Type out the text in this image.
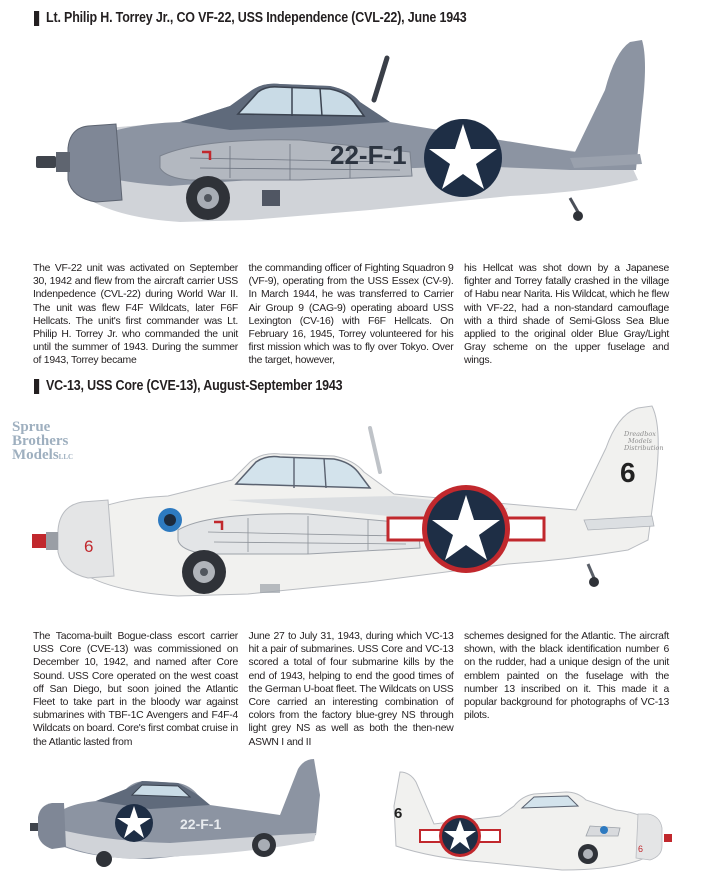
Lt. Philip H. Torrey Jr., CO VF-22, USS Independence (CVL-22), June 1943
22-F-1

The VF-22 unit was activated on September 30, 1942 and flew from the aircraft carrier USS Indenpedence (CVL-22) during World War II. The unit was flew F4F Wildcats, later F6F Hellcats. The unit's first commander was Lt. Philip H. Torrey Jr. who commanded the unit until the summer of 1943. During the summer of 1943, Torrey became

the commanding officer of Fighting Squadron 9 (VF-9), operating from the USS Essex (CV-9). In March 1944, he was transferred to Carrier Air Group 9 (CAG-9) operating aboard USS Lexington (CV-16) with F6F Hellcats. On February 16, 1945, Torrey volunteered for his first mission which was to fly over Tokyo. Over the target, however,

his Hellcat was shot down by a Japanese fighter and Torrey fatally crashed in the village of Habu near Narita. His Wildcat, which he flew with VF-22, had a non-standard camouflage with a third shade of Semi-Gloss Sea Blue applied to the original older Blue Gray/Light Gray scheme on the upper fuselage and wings.

VC-13, USS Core (CVE-13), August-September 1943
Sprue
Brothers
ModelsLLC
6
6
Dreadbox
Models
Distribution

The Tacoma-built Bogue-class escort carrier USS Core (CVE-13) was commissioned on December 10, 1942, and named after Core Sound. USS Core operated on the west coast off San Diego, but soon joined the Atlantic Fleet to take part in the bloody war against submarines with TBF-1C Avengers and F4F-4 Wildcats on board. Core's first combat cruise in the Atlantic lasted from

June 27 to July 31, 1943, during which VC-13 hit a pair of submarines. USS Core and VC-13 scored a total of four submarine kills by the end of 1943, helping to end the good times of the German U-boat fleet. The Wildcats on USS Core carried an interesting combination of colors from the factory blue-grey NS through light grey NS as well as both the then-new ASWN I and II

schemes designed for the Atlantic. The aircraft shown, with the black identification number 6 on the rudder, had a unique design of the unit emblem painted on the fuselage with the number 13 inscribed on it. This made it a popular background for photographs of VC-13 pilots.

22-F-1
6
6
